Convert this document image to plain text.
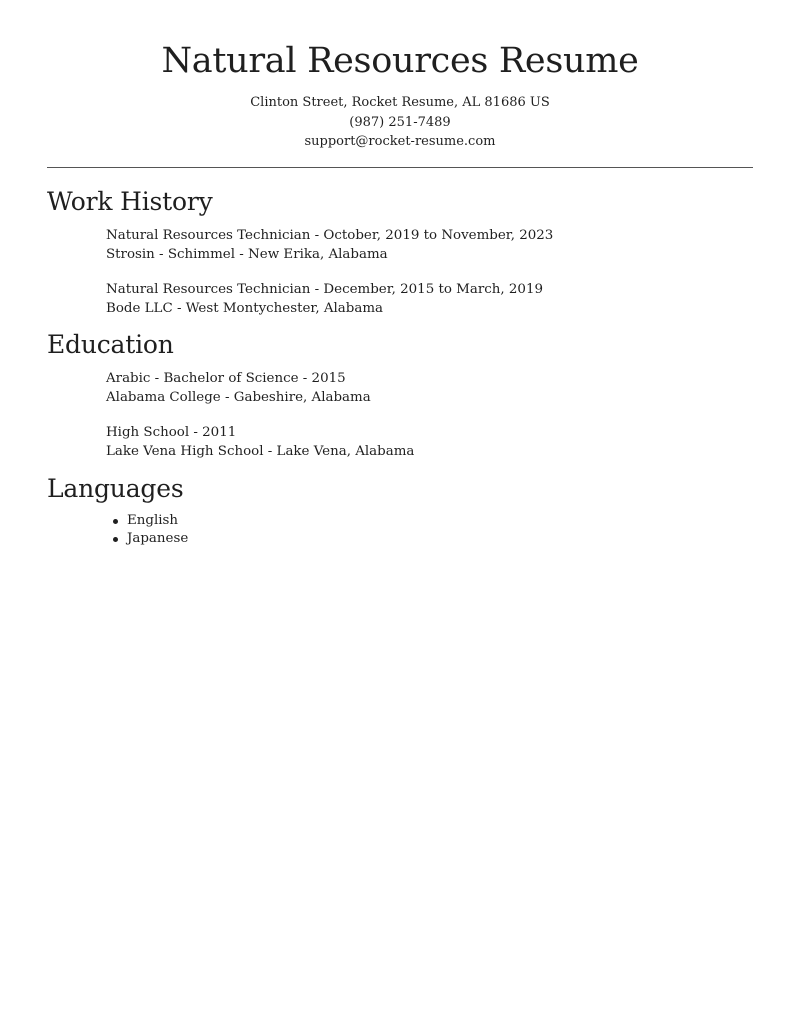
Natural Resources Resume
Clinton Street, Rocket Resume, AL 81686 US
(987) 251-7489
support@rocket-resume.com
Work History
Natural Resources Technician - October, 2019 to November, 2023
Strosin - Schimmel - New Erika, Alabama
Natural Resources Technician - December, 2015 to March, 2019
Bode LLC - West Montychester, Alabama
Education
Arabic - Bachelor of Science - 2015
Alabama College - Gabeshire, Alabama
High School - 2011
Lake Vena High School - Lake Vena, Alabama
Languages
English
Japanese
